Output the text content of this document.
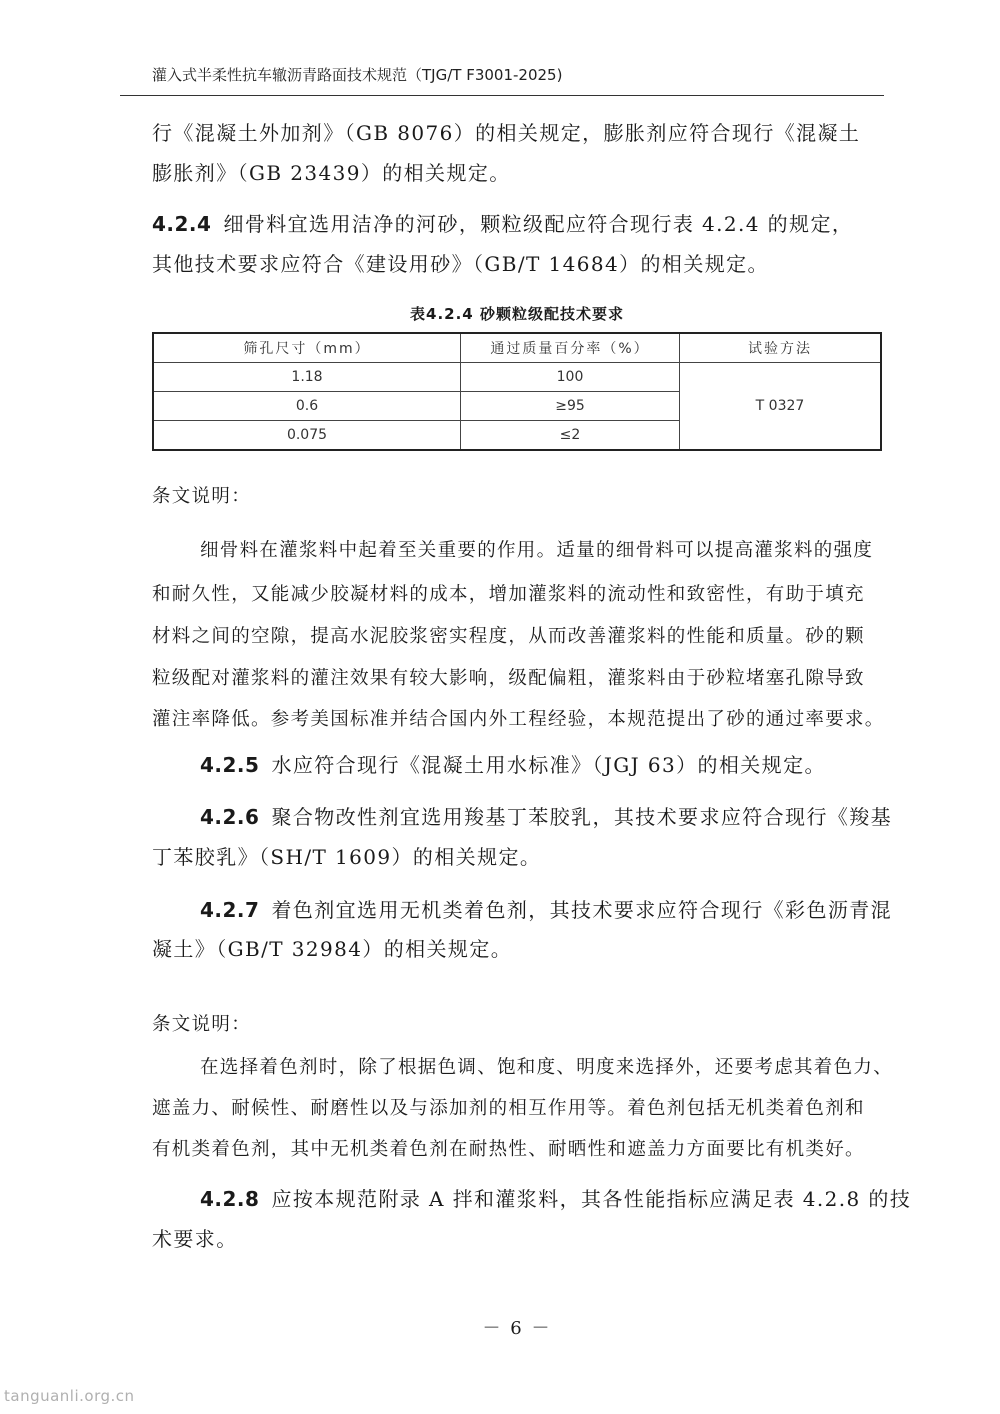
灌入式半柔性抗车辙沥青路面技术规范（TJG/T F3001-2025)
行《混凝土外加剂》（GB 8076）的相关规定，膨胀剂应符合现行《混凝土
膨胀剂》（GB 23439）的相关规定。
4.2.4 细骨料宜选用洁净的河砂，颗粒级配应符合现行表 4.2.4 的规定，
其他技术要求应符合《建设用砂》（GB/T 14684）的相关规定。
表4.2.4 砂颗粒级配技术要求
筛孔尺寸（mm）	通过质量百分率（%）	试验方法
1.18	100	T 0327
0.6	≥95	
0.075	≤2	
条文说明：
细骨料在灌浆料中起着至关重要的作用。适量的细骨料可以提高灌浆料的强度
和耐久性，又能减少胶凝材料的成本，增加灌浆料的流动性和致密性，有助于填充
材料之间的空隙，提高水泥胶浆密实程度，从而改善灌浆料的性能和质量。砂的颗
粒级配对灌浆料的灌注效果有较大影响，级配偏粗，灌浆料由于砂粒堵塞孔隙导致
灌注率降低。参考美国标准并结合国内外工程经验，本规范提出了砂的通过率要求。
4.2.5 水应符合现行《混凝土用水标准》（JGJ 63）的相关规定。
4.2.6 聚合物改性剂宜选用羧基丁苯胶乳，其技术要求应符合现行《羧基
丁苯胶乳》（SH/T 1609）的相关规定。
4.2.7 着色剂宜选用无机类着色剂，其技术要求应符合现行《彩色沥青混
凝土》（GB/T 32984）的相关规定。
条文说明：
在选择着色剂时，除了根据色调、饱和度、明度来选择外，还要考虑其着色力、
遮盖力、耐候性、耐磨性以及与添加剂的相互作用等。着色剂包括无机类着色剂和
有机类着色剂，其中无机类着色剂在耐热性、耐晒性和遮盖力方面要比有机类好。
4.2.8 应按本规范附录 A 拌和灌浆料，其各性能指标应满足表 4.2.8 的技
术要求。
－ 6 －
tanguanli.org.cn
